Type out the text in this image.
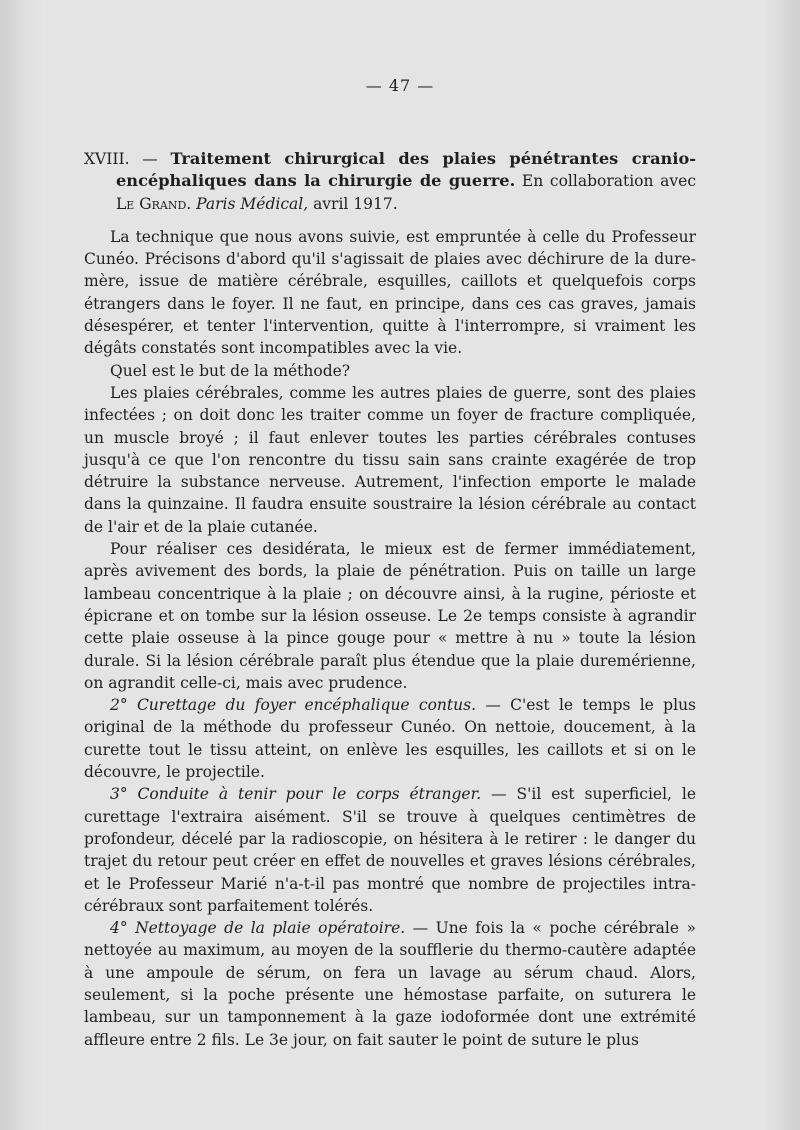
— 47 —
XVIII. — Traitement chirurgical des plaies pénétrantes cranio-encéphaliques dans la chirurgie de guerre. En collaboration avec Le Grand. Paris Médical, avril 1917.

La technique que nous avons suivie, est empruntée à celle du Professeur Cunéo. Précisons d'abord qu'il s'agissait de plaies avec déchirure de la dure-mère, issue de matière cérébrale, esquilles, caillots et quelquefois corps étrangers dans le foyer. Il ne faut, en principe, dans ces cas graves, jamais désespérer, et tenter l'intervention, quitte à l'interrompre, si vraiment les dégâts constatés sont incompatibles avec la vie.

Quel est le but de la méthode?

Les plaies cérébrales, comme les autres plaies de guerre, sont des plaies infectées ; on doit donc les traiter comme un foyer de fracture compliquée, un muscle broyé ; il faut enlever toutes les parties cérébrales contuses jusqu'à ce que l'on rencontre du tissu sain sans crainte exagérée de trop détruire la substance nerveuse. Autrement, l'infection emporte le malade dans la quinzaine. Il faudra ensuite soustraire la lésion cérébrale au contact de l'air et de la plaie cutanée.

Pour réaliser ces desidérata, le mieux est de fermer immédiatement, après avivement des bords, la plaie de pénétration. Puis on taille un large lambeau concentrique à la plaie ; on découvre ainsi, à la rugine, périoste et épicrane et on tombe sur la lésion osseuse. Le 2e temps consiste à agrandir cette plaie osseuse à la pince gouge pour « mettre à nu » toute la lésion durale. Si la lésion cérébrale paraît plus étendue que la plaie duremérienne, on agrandit celle-ci, mais avec prudence.

2° Curettage du foyer encéphalique contus. — C'est le temps le plus original de la méthode du professeur Cunéo. On nettoie, doucement, à la curette tout le tissu atteint, on enlève les esquilles, les caillots et si on le découvre, le projectile.

3° Conduite à tenir pour le corps étranger. — S'il est superficiel, le curettage l'extraira aisément. S'il se trouve à quelques centimètres de profondeur, décelé par la radioscopie, on hésitera à le retirer : le danger du trajet du retour peut créer en effet de nouvelles et graves lésions cérébrales, et le Professeur Marié n'a-t-il pas montré que nombre de projectiles intra-cérébraux sont parfaitement tolérés.

4° Nettoyage de la plaie opératoire. — Une fois la « poche cérébrale » nettoyée au maximum, au moyen de la soufflerie du thermo-cautère adaptée à une ampoule de sérum, on fera un lavage au sérum chaud. Alors, seulement, si la poche présente une hémostase parfaite, on suturera le lambeau, sur un tamponnement à la gaze iodoformée dont une extrémité affleure entre 2 fils. Le 3e jour, on fait sauter le point de suture le plus
